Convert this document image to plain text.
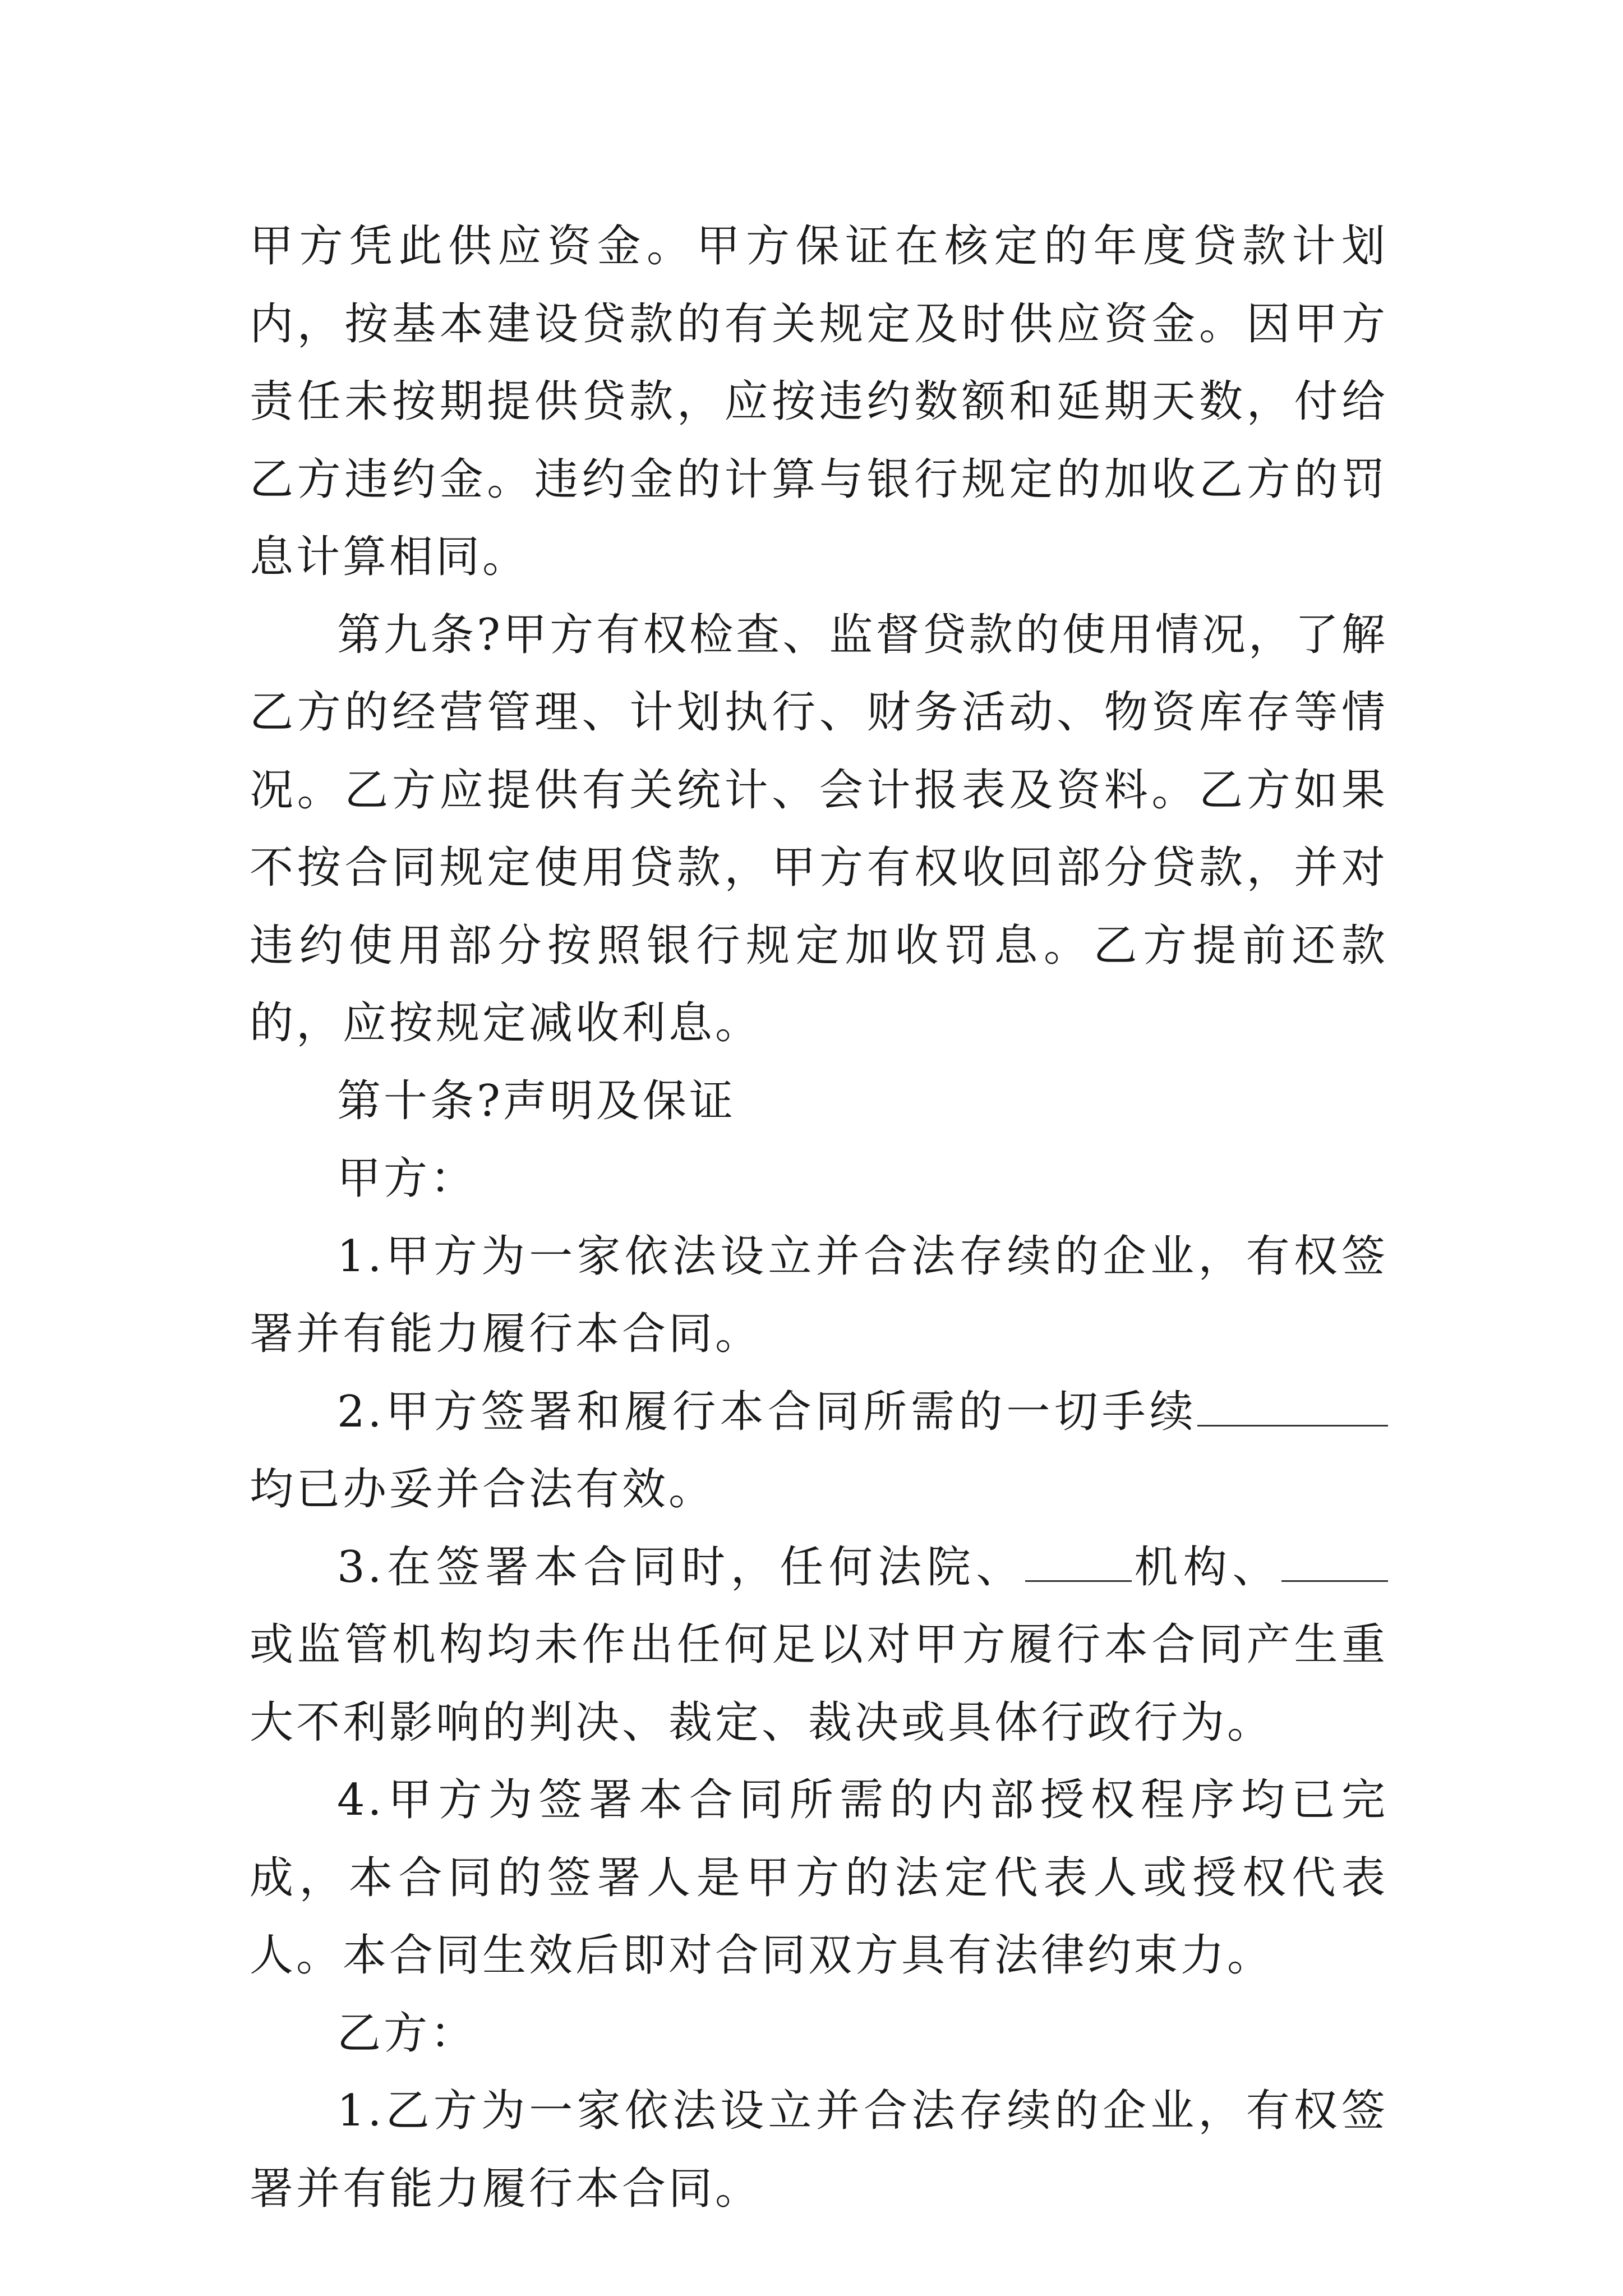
甲方凭此供应资金。甲方保证在核定的年度贷款计划内，按基本建设贷款的有关规定及时供应资金。因甲方责任未按期提供贷款，应按违约数额和延期天数，付给乙方违约金。违约金的计算与银行规定的加收乙方的罚息计算相同。

第九条?甲方有权检查、监督贷款的使用情况，了解乙方的经营管理、计划执行、财务活动、物资库存等情况。乙方应提供有关统计、会计报表及资料。乙方如果不按合同规定使用贷款，甲方有权收回部分贷款，并对违约使用部分按照银行规定加收罚息。乙方提前还款的，应按规定减收利息。

第十条?声明及保证

甲方：

1.甲方为一家依法设立并合法存续的企业，有权签署并有能力履行本合同。

2.甲方签署和履行本合同所需的一切手续均已办妥并合法有效。

3.在签署本合同时，任何法院、 机构、或监管机构均未作出任何足以对甲方履行本合同产生重大不利影响的判决、裁定、裁决或具体行政行为。

4.甲方为签署本合同所需的内部授权程序均已完成，本合同的签署人是甲方的法定代表人或授权代表人。本合同生效后即对合同双方具有法律约束力。

乙方：

1.乙方为一家依法设立并合法存续的企业，有权签署并有能力履行本合同。
